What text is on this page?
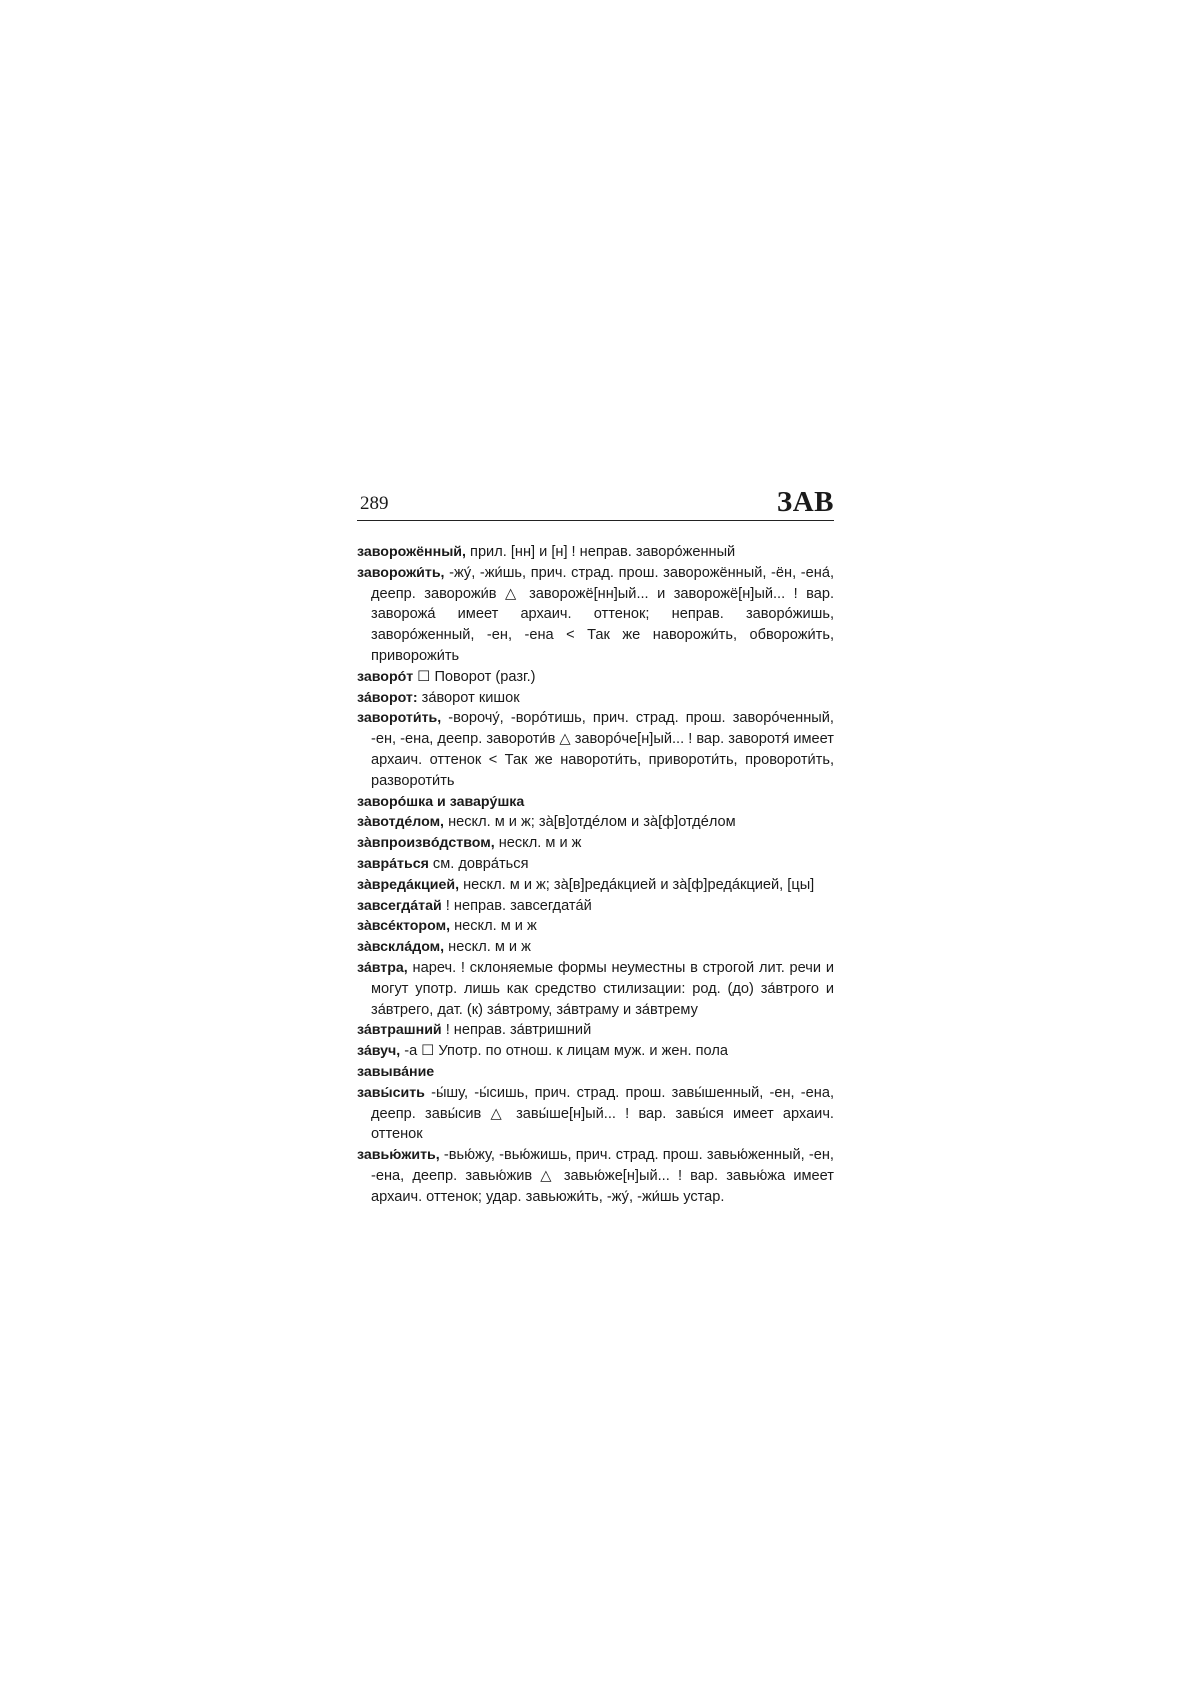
289	ЗАВ

заворожённый, прил. [нн] и [н] ! неправ. заворóженный

заворожи́ть, -жу́, -жи́шь, прич. страд. прош. заворожённый, -ён, -ена́, деепр. заворожи́в △ заворожё[нн]ый... и заворожё[н]ый... ! вар. заворожа́ имеет архаич. оттенок; неправ. заворóжишь, заворóженный, -ен, -ена < Так же наворожи́ть, обворожи́ть, приворожи́ть

заворóт ☐ Поворот (разг.)

за́ворот: за́ворот кишок

завороти́ть, -ворочу́, -ворóтишь, прич. страд. прош. заворóченный, -ен, -ена, деепр. завороти́в △ заворóче[н]ый... ! вар. заворотя́ имеет архаич. оттенок < Так же навороти́ть, привороти́ть, провороти́ть, развороти́ть

заворóшка и заварýшка

за̀вотдéлом, нескл. м и ж; за̀[в]отдéлом и за̀[ф]отдéлом

за̀впроизвóдством, нескл. м и ж

завра́ться см. довра́ться

за̀вредáкцией, нескл. м и ж; за̀[в]редáкцией и за̀[ф]редáкцией, [цы]

завсегдáтай ! неправ. завсегдатáй

за̀всéктором, нескл. м и ж

за̀вскла́дом, нескл. м и ж

за́втра, нареч. ! склоняемые формы неуместны в строгой лит. речи и могут употр. лишь как средство стилизации: род. (до) за́втрого и за́втрего, дат. (к) за́втрому, за́втраму и за́втрему

за́втрашний ! неправ. за́втришний

за́вуч, -а ☐ Употр. по отнош. к лицам муж. и жен. пола

завыва́ние

завы́сить -ы́шу, -ы́сишь, прич. страд. прош. завы́шенный, -ен, -ена, деепр. завы́сив △ завы́ше[н]ый... ! вар. завы́ся имеет архаич. оттенок

завью́жить, -вью́жу, -вью́жишь, прич. страд. прош. завью́женный, -ен, -ена, деепр. завью́жив △ завью́же[н]ый... ! вар. завью́жа имеет архаич. оттенок; удар. завьюжи́ть, -жу́, -жи́шь устар.
